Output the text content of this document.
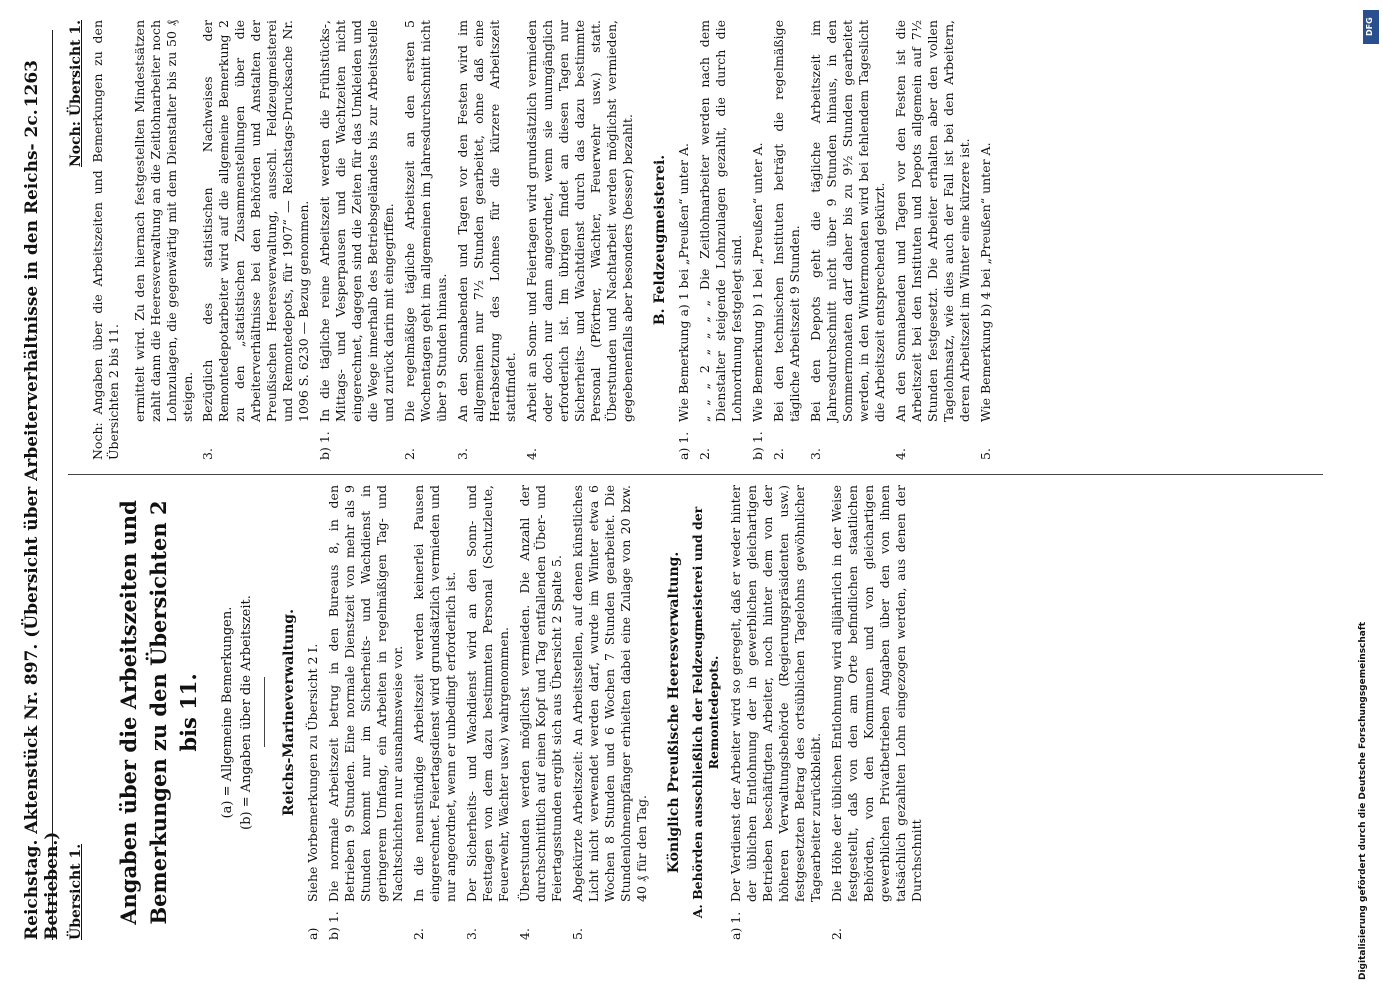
Reichstag. Aktenstück Nr. 897. (Übersicht über Arbeiterverhältnisse in den Reichs- 2c. Betrieben.)
1263
Übersicht 1. Angaben über die Arbeitszeiten und Bemerkungen zu den Übersichten 2 bis 11. (a) = Allgemeine Bemerkungen. (b) = Angaben über die Arbeitszeit. Reichs-Marineverwaltung.
a)
Siehe Vorbemerkungen zu Übersicht 2 I.
b) 1.
Die normale Arbeitszeit betrug in den Bureaus 8, in den Betrieben 9 Stunden. Eine normale Dienstzeit von mehr als 9 Stunden kommt nur im Sicherheits- und Wachdienst in geringerem Umfang, ein Arbeiten in regelmäßigen Tag- und Nachtschichten nur ausnahmsweise vor.
2.
In die neunstündige Arbeitszeit werden keinerlei Pausen eingerechnet. Feiertagsdienst wird grundsätzlich vermieden und nur angeordnet, wenn er unbedingt erforderlich ist.
3.
Der Sicherheits- und Wachdienst wird an den Sonn- und Festtagen von dem dazu bestimmten Personal (Schutzleute, Feuerwehr, Wächter usw.) wahrgenommen.
4.
Überstunden werden möglichst vermieden. Die Anzahl der durchschnittlich auf einen Kopf und Tag entfallenden Über- und Feiertagsstunden ergibt sich aus Übersicht 2 Spalte 5.
5.
Abgekürzte Arbeitszeit: An Arbeitsstellen, auf denen künstliches Licht nicht verwendet werden darf, wurde im Winter etwa 6 Wochen 8 Stunden und 6 Wochen 7 Stunden gearbeitet. Die Stundenlohnempfänger erhielten dabei eine Zulage von 20 bzw. 40 ₰ für den Tag. Königlich Preußische Heeresverwaltung. A. Behörden ausschließlich der Feldzeugmeisterei und der Remontedepots.
a) 1.
Der Verdienst der Arbeiter wird so geregelt, daß er weder hinter der üblichen Entlohnung der in gewerblichen gleichartigen Betrieben beschäftigten Arbeiter, noch hinter dem von der höheren Verwaltungsbehörde (Regierungspräsidenten usw.) festgesetzten Betrag des ortsüblichen Tagelohns gewöhnlicher Tagearbeiter zurückbleibt.
2.
Die Höhe der üblichen Entlohnung wird alljährlich in der Weise festgestellt, daß von den am Orte befindlichen staatlichen Behörden, von den Kommunen und von gleichartigen gewerblichen Privatbetrieben Angaben über den von ihnen tatsächlich gezahlten Lohn eingezogen werden, aus denen der Durchschnitt
Noch: Übersicht 1. Noch: Angaben über die Arbeitszeiten und Bemerkungen zu den Übersichten 2 bis 11. ermittelt wird. Zu den hiernach festgestellten Mindestsätzen zahlt dann die Heeresverwaltung an die Zeitlohnarbeiter noch Lohnzulagen, die gegenwärtig mit dem Dienstalter bis zu 50 ₰ steigen.

3.
Bezüglich des statistischen Nachweises der Remontedepotarbeiter wird auf die allgemeine Bemerkung 2 zu den „statistischen Zusammenstellungen über die Arbeiterverhältnisse bei den Behörden und Anstalten der Preußischen Heeresverwaltung, ausschl. Feldzeugmeisterei und Remontedepots, für 1907“ — Reichstags-Drucksache Nr. 1096 S. 6230 — Bezug genommen.
b) 1.
In die tägliche reine Arbeitszeit werden die Frühstücks-, Mittags- und Vesperpausen und die Wachtzeiten nicht eingerechnet, dagegen sind die Zeiten für das Umkleiden und die Wege innerhalb des Betriebsgeländes bis zur Arbeitsstelle und zurück darin mit eingegriffen.
2.
Die regelmäßige tägliche Arbeitszeit an den ersten 5 Wochentagen geht im allgemeinen im Jahresdurchschnitt nicht über 9 Stunden hinaus.
3.
An den Sonnabenden und Tagen vor den Festen wird im allgemeinen nur 7½ Stunden gearbeitet, ohne daß eine Herabsetzung des Lohnes für die kürzere Arbeitszeit stattfindet.
4.
Arbeit an Sonn- und Feiertagen wird grundsätzlich vermieden oder doch nur dann angeordnet, wenn sie unumgänglich erforderlich ist. Im übrigen findet an diesen Tagen nur Sicherheits- und Wachtdienst durch das dazu bestimmte Personal (Pförtner, Wächter, Feuerwehr usw.) statt. Überstunden und Nachtarbeit werden möglichst vermieden, gegebenenfalls aber besonders (besser) bezahlt. B. Feldzeugmeisterei.
a) 1.
Wie Bemerkung a) 1 bei „Preußen“ unter A.
2.
„ „ „ 2 „ „ „ „ Die Zeitlohnarbeiter werden nach dem Dienstalter steigende Lohnzulagen gezahlt, die durch die Lohnordnung festgelegt sind.
b) 1.
Wie Bemerkung b) 1 bei „Preußen“ unter A.
2.
Bei den technischen Instituten beträgt die regelmäßige tägliche Arbeitszeit 9 Stunden.
3.
Bei den Depots geht die tägliche Arbeitszeit im Jahresdurchschnitt nicht über 9 Stunden hinaus, in den Sommermonaten darf daher bis zu 9½ Stunden gearbeitet werden, in den Wintermonaten wird bei fehlendem Tageslicht die Arbeitszeit entsprechend gekürzt.
4.
An den Sonnabenden und Tagen vor den Festen ist die Arbeitszeit bei den Instituten und Depots allgemein auf 7½ Stunden festgesetzt. Die Arbeiter erhalten aber den vollen Tagelohnsatz, wie dies auch der Fall ist bei den Arbeitern, deren Arbeitszeit im Winter eine kürzere ist.
5.
Wie Bemerkung b) 4 bei „Preußen“ unter A.
Digitalisierung gefördert durch die Deutsche Forschungsgemeinschaft
DFG
